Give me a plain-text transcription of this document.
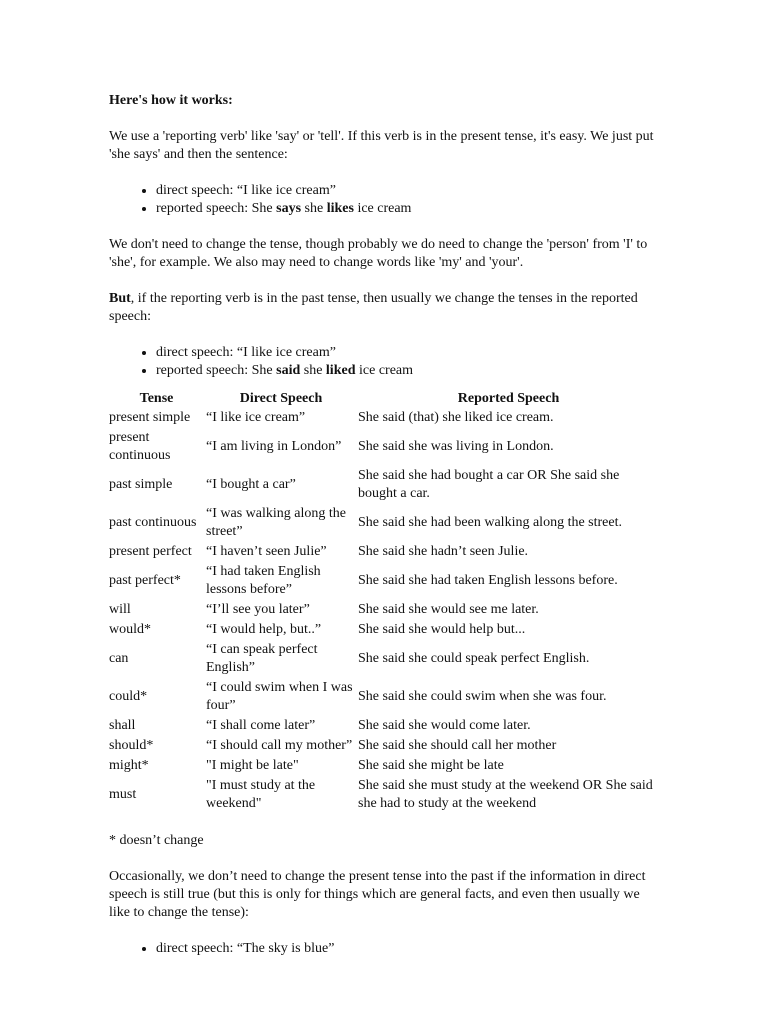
Here's how it works:

We use a 'reporting verb' like 'say' or 'tell'. If this verb is in the present tense, it's easy. We just put 'she says' and then the sentence:

• direct speech: “I like ice cream”
• reported speech: She says she likes ice cream

We don't need to change the tense, though probably we do need to change the 'person' from 'I' to 'she', for example. We also may need to change words like 'my' and 'your'.

But, if the reporting verb is in the past tense, then usually we change the tenses in the reported speech:

• direct speech: “I like ice cream”
• reported speech: She said she liked ice cream
Tense	Direct Speech	Reported Speech
present simple	“I like ice cream”	She said (that) she liked ice cream.
present continuous	“I am living in London”	She said she was living in London.
past simple	“I bought a car”	She said she had bought a car OR She said she bought a car.
past continuous	“I was walking along the street”	She said she had been walking along the street.
present perfect	“I haven’t seen Julie”	She said she hadn’t seen Julie.
past perfect*	“I had taken English lessons before”	She said she had taken English lessons before.
will	“I’ll see you later”	She said she would see me later.
would*	“I would help, but..”	She said she would help but...
can	“I can speak perfect English”	She said she could speak perfect English.
could*	“I could swim when I was four”	She said she could swim when she was four.
shall	“I shall come later”	She said she would come later.
should*	“I should call my mother”	She said she should call her mother
might*	"I might be late"	She said she might be late
must	"I must study at the weekend"	She said she must study at the weekend OR She said she had to study at the weekend

* doesn’t change

Occasionally, we don’t need to change the present tense into the past if the information in direct speech is still true (but this is only for things which are general facts, and even then usually we like to change the tense):

• direct speech: “The sky is blue”
